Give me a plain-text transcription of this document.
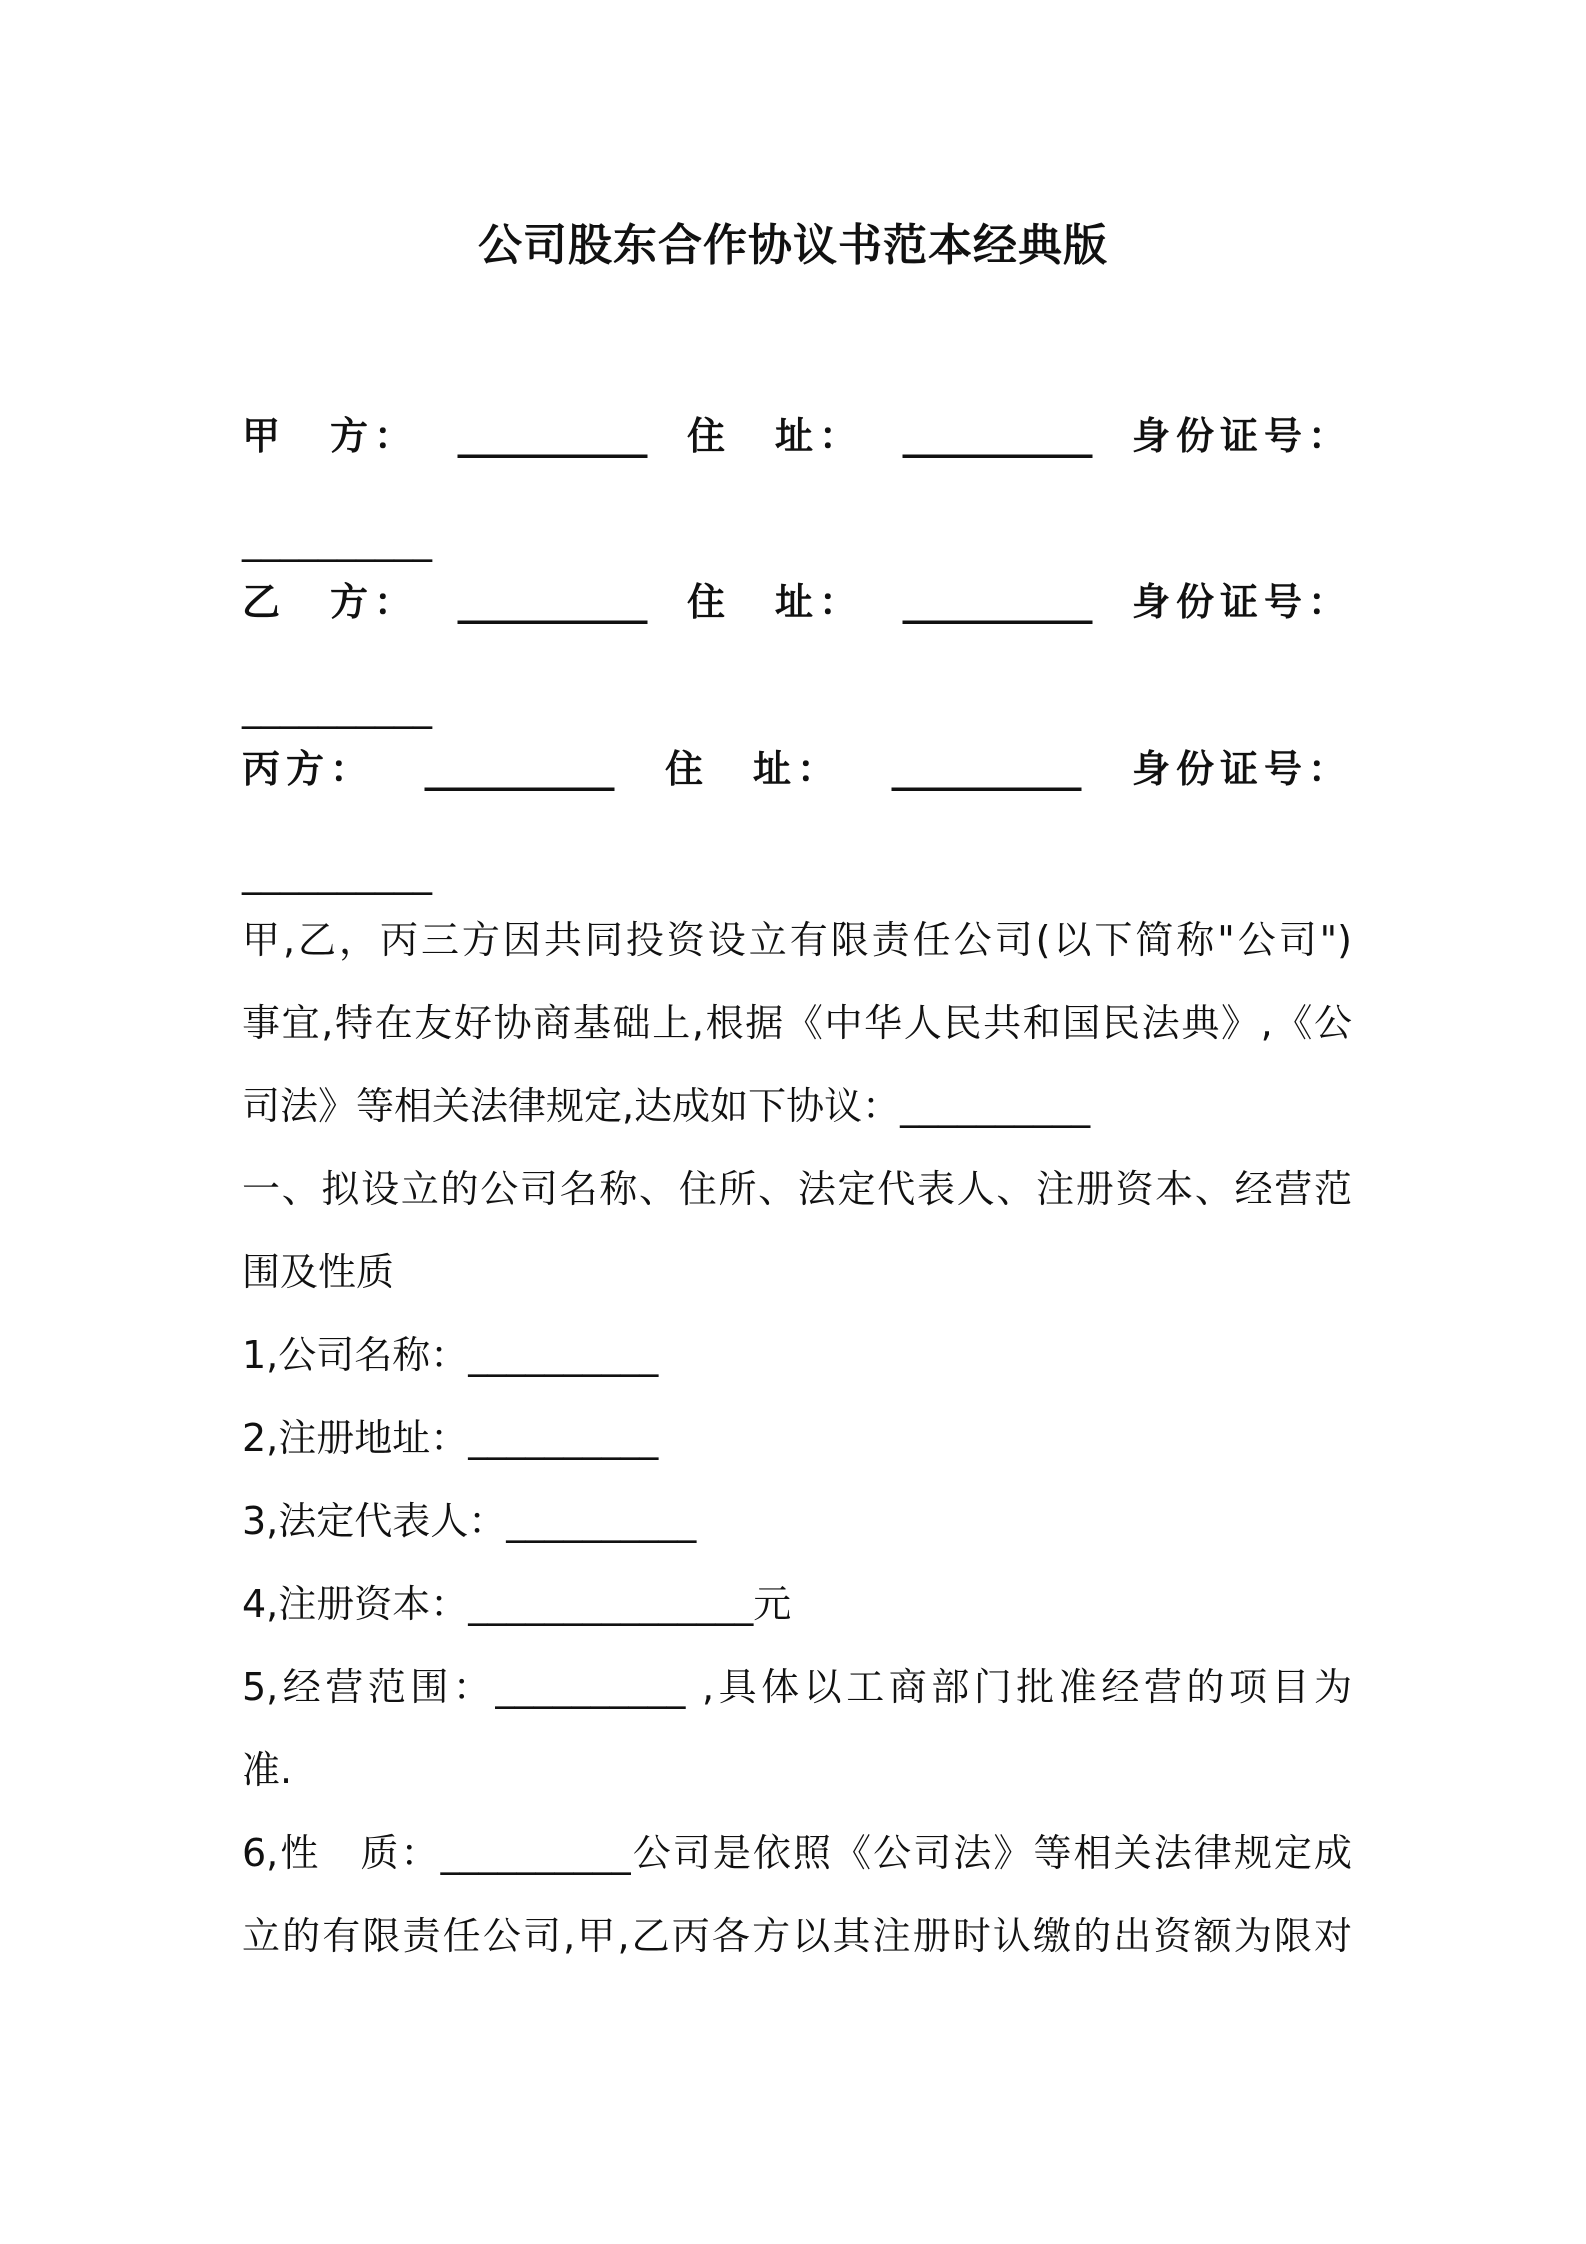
公司股东合作协议书范本经典版
甲　方： __________ 住　址： __________ 身份证号：
__________
乙　方： __________ 住　址： __________ 身份证号：
__________
丙方： __________ 住　址： __________ 身份证号：
__________
甲,乙，丙三方因共同投资设立有限责任公司(以下简称"公司")
事宜,特在友好协商基础上,根据《中华人民共和国民法典》,《公
司法》等相关法律规定,达成如下协议：__________
一、拟设立的公司名称、住所、法定代表人、注册资本、经营范
围及性质
1,公司名称：__________
2,注册地址：__________
3,法定代表人：__________
4,注册资本：_______________元
5,经营范围：__________ ,具体以工商部门批准经营的项目为
准.
6,性　质：__________公司是依照《公司法》等相关法律规定成
立的有限责任公司,甲,乙丙各方以其注册时认缴的出资额为限对
